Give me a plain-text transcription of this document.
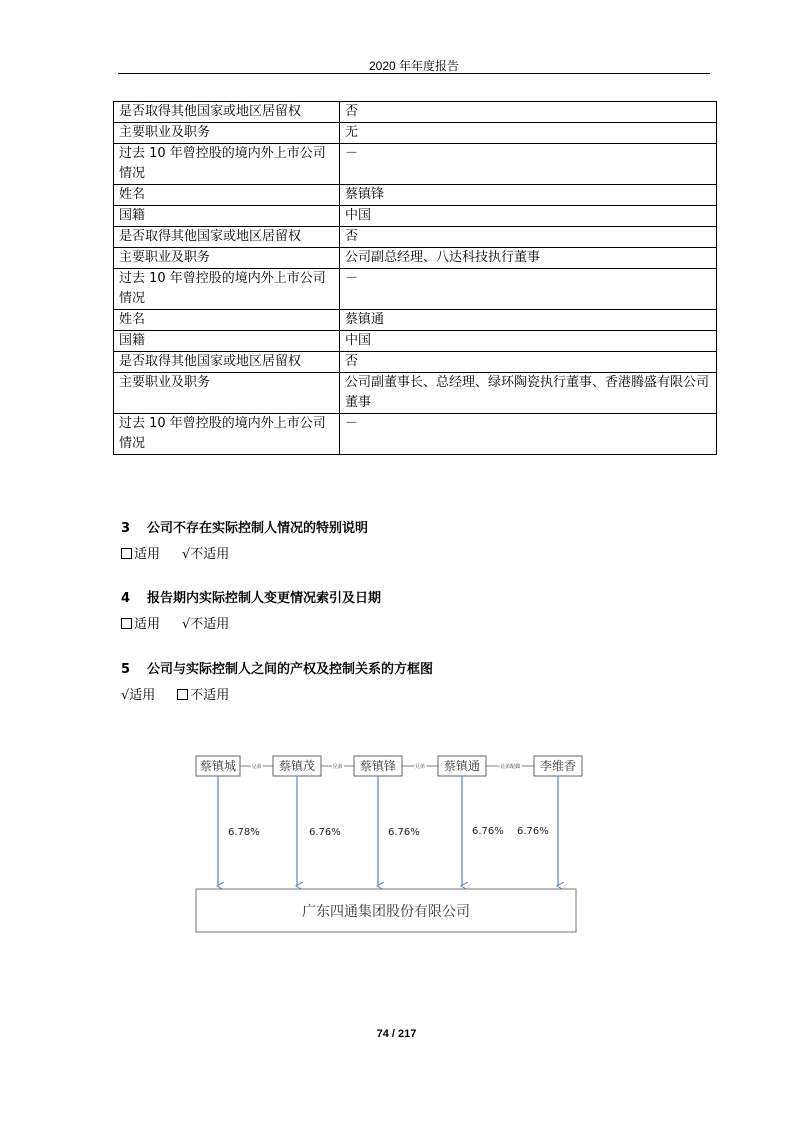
2020 年年度报告
是否取得其他国家或地区居留权	否
主要职业及职务	无
过去 10 年曾控股的境内外上市公司情况	－
姓名	蔡镇锋
国籍	中国
是否取得其他国家或地区居留权	否
主要职业及职务	公司副总经理、八达科技执行董事
过去 10 年曾控股的境内外上市公司情况	－
姓名	蔡镇通
国籍	中国
是否取得其他国家或地区居留权	否
主要职业及职务	公司副董事长、总经理、绿环陶瓷执行董事、香港腾盛有限公司董事
过去 10 年曾控股的境内外上市公司情况	－
3 公司不存在实际控制人情况的特别说明
适用 √不适用
4 报告期内实际控制人变更情况索引及日期
适用 √不适用
5 公司与实际控制人之间的产权及控制关系的方框图
√适用	不适用
兄弟	兄弟	兄弟	兄弟配偶
蔡镇城	蔡镇茂	蔡镇锋	蔡镇通	李维香
6.78%	6.76%	6.76%	6.76% 6.76%
广东四通集团股份有限公司
74 / 217
